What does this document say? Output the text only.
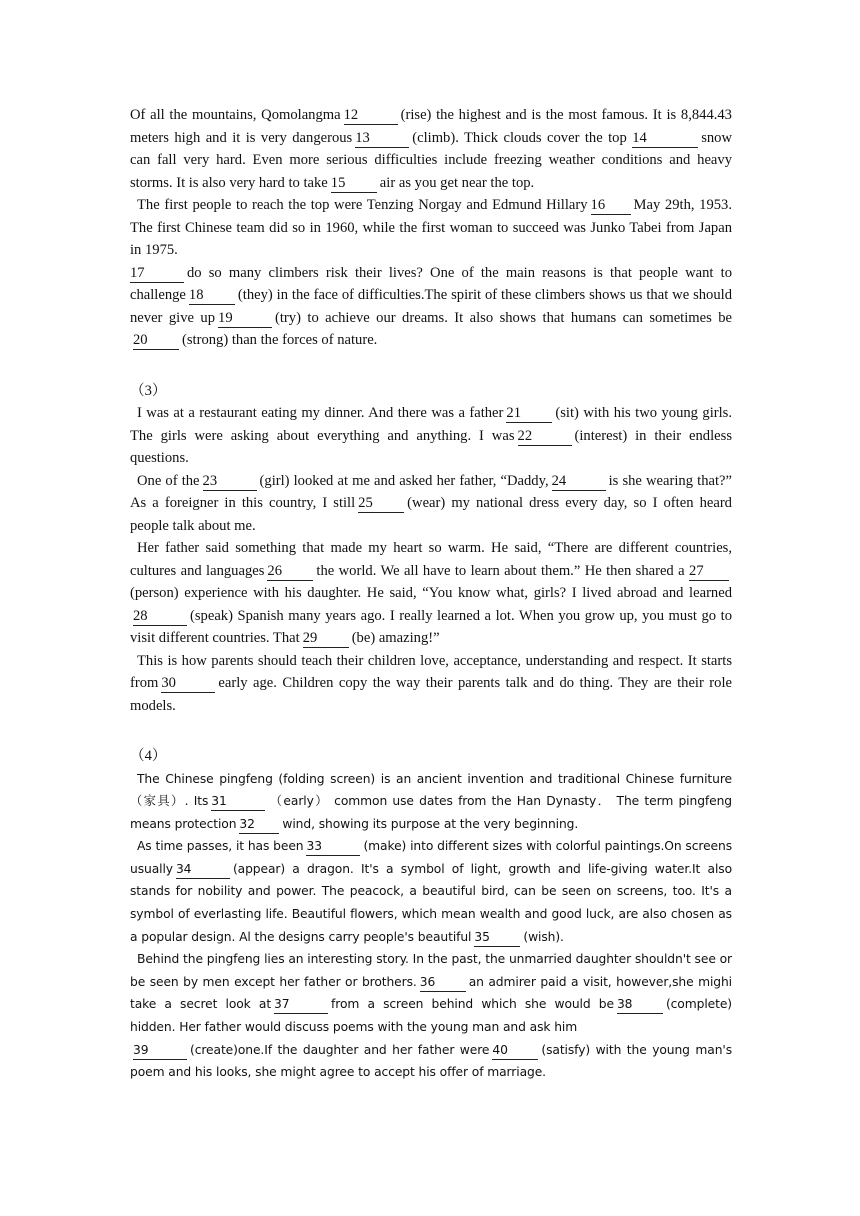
Of all the mountains, Qomolangma 12	(rise) the highest and is the most famous. It is 8,844.43 meters high and it is very dangerous 13	(climb). Thick clouds cover the top 14	snow can fall very hard. Even more serious difficulties include freezing weather conditions and heavy storms. It is also very hard to take 15 air as you get near the top.

The first people to reach the top were Tenzing Norgay and Edmund Hillary 16 May 29th, 1953. The first Chinese team did so in 1960, while the first woman to succeed was Junko Tabei from Japan in 1975.

17	do so many climbers risk their lives? One of the main reasons is that people want to challenge 18 (they) in the face of difficulties.The spirit of these climbers shows us that we should never give up 19	(try) to achieve our dreams. It also shows that humans can sometimes be20 (strong) than the forces of nature.

（3）

I was at a restaurant eating my dinner. And there was a father 21 (sit) with his two young girls. The girls were asking about everything and anything. I was 22	(interest) in their endless questions.

One of the 23	(girl) looked at me and asked her father, “Daddy, 24	is she wearing that?” As a foreigner in this country, I still 25 (wear) my national dress every day, so I often heard people talk about me.

Her father said something that made my heart so warm. He said, “There are different countries, cultures and languages 26 the world. We all have to learn about them.” He then shared a 27(person) experience with his daughter. He said, “You know what, girls? I lived abroad and learned28	(speak) Spanish many years ago. I really learned a lot. When you grow up, you must go to visit different countries. That 29 (be) amazing!”

This is how parents should teach their children love, acceptance, understanding and respect. It starts from 30	early age. Children copy the way their parents talk and do thing. They are their role models.

（4）

The Chinese pingfeng (folding screen) is an ancient invention and traditional Chinese furniture（家具）. Its 31	（early） common use dates from the Han Dynasty． The term pingfeng means protection 32 wind, showing its purpose at the very beginning.

As time passes, it has been 33	(make) into different sizes with colorful paintings.On screens usually 34	(appear) a dragon. It's a symbol of light, growth and life-giving water.It also stands for nobility and power. The peacock, a beautiful bird, can be seen on screens, too. It's a symbol of everlasting life. Beautiful flowers, which mean wealth and good luck, are also chosen as a popular design. Al the designs carry people's beautiful 35	(wish).

Behind the pingfeng lies an interesting story. In the past, the unmarried daughter shouldn't see or be seen by men except her father or brothers. 36	an admirer paid a visit, however,she mighi take a secret look at 37	from a screen behind which she would be 38	(complete) hidden. Her father would discuss poems with the young man and ask him
39	(create)one.If the daughter and her father were 40	(satisfy) with the young man's poem and his looks, she might agree to accept his offer of marriage.
